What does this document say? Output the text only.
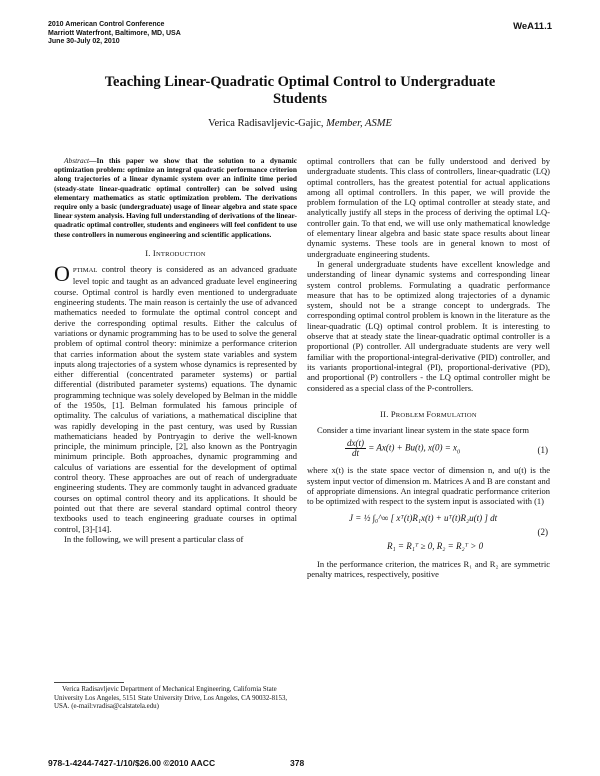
2010 American Control Conference
Marriott Waterfront, Baltimore, MD, USA
June 30-July 02, 2010
WeA11.1
Teaching Linear-Quadratic Optimal Control to Undergraduate
Students
Verica Radisavljevic-Gajic, Member, ASME

Abstract—In this paper we show that the solution to a dynamic optimization problem: optimize an integral quadratic performance criterion along trajectories of a linear dynamic system over an infinite time period (steady-state linear-quadratic optimal controller) can be solved using elementary mathematics as static optimization problem. The derivations require only a basic (undergraduate) usage of linear algebra and state space linear system analysis. Having full understanding of derivations of the linear-quadratic optimal controller, students and engineers will feel confident to use these controllers in numerous engineering and scientific applications.

I. INTRODUCTION

OPTIMAL control theory is considered as an advanced graduate level topic and taught as an advanced graduate level engineering course. Optimal control is hardly even mentioned to undergraduate engineering students. The main reason is certainly the use of advanced mathematics needed to formulate the optimal control concept and derive the corresponding optimal results. Either the calculus of variations or dynamic programming has to be used to solve the general problem of optimal control theory: minimize a performance criterion that carries information about the system state variables and system inputs along trajectories of a system whose dynamics is represented by either differential (concentrated parameter systems) or partial differential (distributed parameter systems) equations. The dynamic programming technique was solely developed by Belman in the middle of the 1950s, [1]. Belman formulated his famous principle of optimality. The calculus of variations, a mathematical discipline that was rapidly developing in the past century, was used by Russian mathematicians headed by Pontryagin to derive the well-known principle, the minimum principle, [2], also known as the Pontryagin minimum principle. Both approaches, dynamic programming and calculus of variations are essential for the development of optimal control theory. These approaches are out of reach of undergraduate engineering students. They are commonly taught in advanced graduate courses on optimal control theory and its applications. It should be pointed out that there are several standard optimal control theory textbooks used to teach engineering graduate courses in optimal control, [3]-[14].

In the following, we will present a particular class of

Verica Radisavljevic Department of Mechanical Engineering, California State University Los Angeles, 5151 State University Drive, Los Angeles, CA 90032-8153, USA. (e-mail:vradisa@calstatela.edu)

optimal controllers that can be fully understood and derived by undergraduate students. This class of controllers, linear-quadratic (LQ) optimal controllers, has the greatest potential for actual applications among all optimal controllers. In this paper, we will provide the problem formulation of the LQ optimal controller at steady state, and analytically justify all steps in the process of deriving the optimal LQ-controller gain. To that end, we will use only mathematical knowledge of elementary linear algebra and basic state space results about linear dynamic systems. These tools are in general known to most of undergraduate engineering students.

In general undergraduate students have excellent knowledge and understanding of linear dynamic systems and corresponding linear system control problems. Formulating a quadratic performance measure that has to be optimized along trajectories of a dynamic system, should not be a strange concept to undergrads. The corresponding optimal control problem is known in the literature as the linear-quadratic (LQ) optimal control problem. It is interesting to observe that at steady state the linear-quadratic optimal controller is a proportional (P) controller. All undergraduate students are very well familiar with the proportional-integral-derivative (PID) controller, and its variants proportional-integral (PI), proportional-derivative (PD), and proportional (P) controllers - the LQ optimal controller might be considered as a special class of the P-controllers.

II. PROBLEM FORMULATION

Consider a time invariant linear system in the state space form

$\frac{dx(t)}{dt} = Ax(t) + Bu(t)$, $x(0) = x_0$	(1)

where x(t) is the state space vector of dimension n, and u(t) is the system input vector of dimension m. Matrices A and B are constant and of appropriate dimensions. An integral quadratic performance criterion to be optimized with respect to the system input is associated with (1)

J = ½ ∫₀^∞ [ xᵀ(t)R₁x(t) + uᵀ(t)R₂u(t) ] dt
R₁ = R₁ᵀ ≥ 0, R₂ = R₂ᵀ > 0
(2)

In the performance criterion, the matrices R₁ and R₂ are symmetric penalty matrices, respectively, positive

978-1-4244-7427-1/10/$26.00 ©2010 AACC	378
